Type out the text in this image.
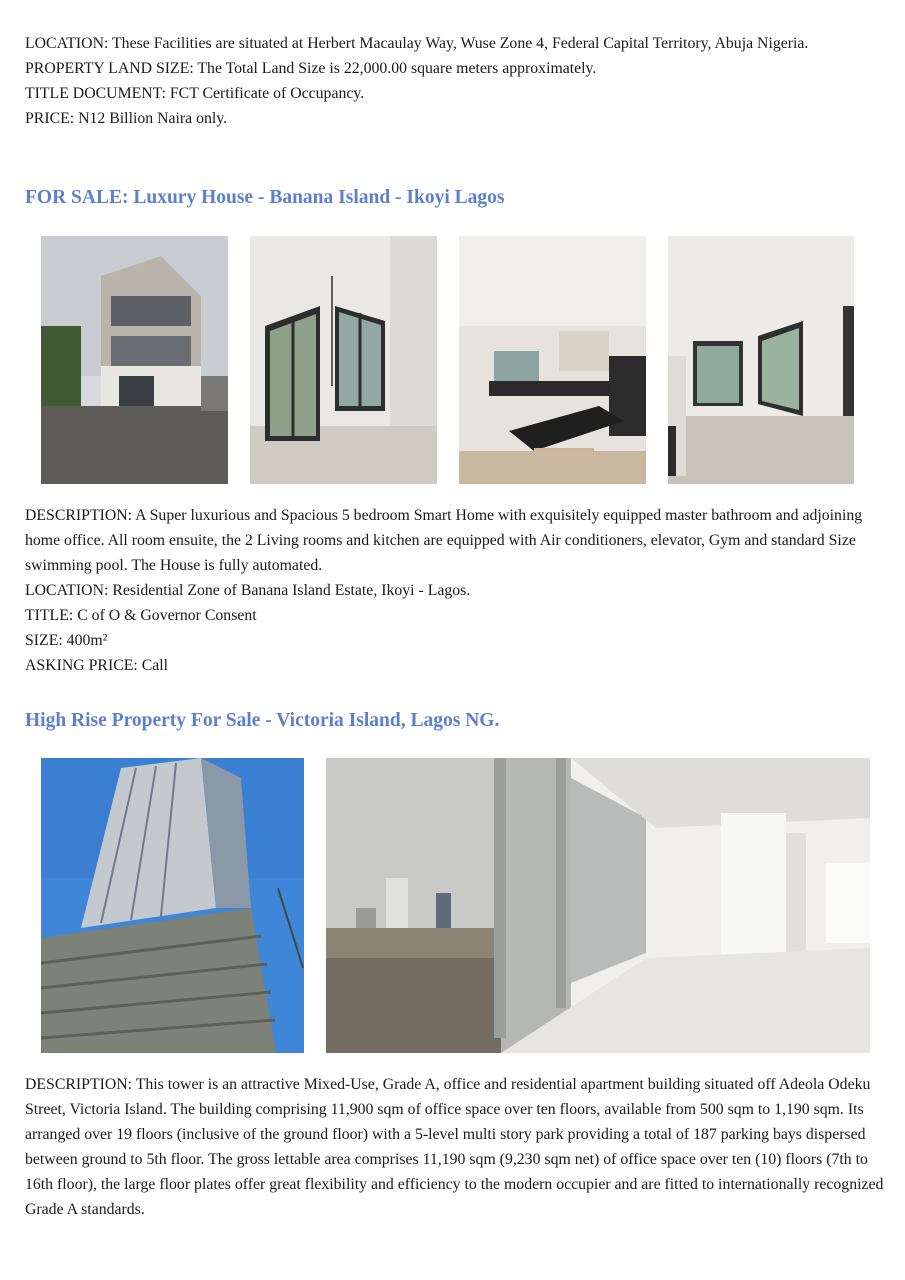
LOCATION: These Facilities are situated at Herbert Macaulay Way, Wuse Zone 4, Federal Capital Territory, Abuja Nigeria.

PROPERTY LAND SIZE: The Total Land Size is 22,000.00 square meters approximately.

TITLE DOCUMENT: FCT Certificate of Occupancy.

PRICE: N12 Billion Naira only.

FOR SALE: Luxury House - Banana Island - Ikoyi Lagos

DESCRIPTION: A Super luxurious and Spacious 5 bedroom Smart Home with exquisitely equipped master bathroom and adjoining home office. All room ensuite, the 2 Living rooms and kitchen are equipped with Air conditioners, elevator, Gym and standard Size swimming pool. The House is fully automated.

LOCATION: Residential Zone of Banana Island Estate, Ikoyi - Lagos.

TITLE: C of O & Governor Consent

SIZE: 400m²

ASKING PRICE: Call

High Rise Property For Sale - Victoria Island, Lagos NG.

DESCRIPTION: This tower is an attractive Mixed-Use, Grade A, office and residential apartment building situated off Adeola Odeku Street, Victoria Island. The building comprising 11,900 sqm of office space over ten floors, available from 500 sqm to 1,190 sqm. Its arranged over 19 floors (inclusive of the ground floor) with a 5-level multi story park providing a total of 187 parking bays dispersed between ground to 5th floor. The gross lettable area comprises 11,190 sqm (9,230 sqm net) of office space over ten (10) floors (7th to 16th floor), the large floor plates offer great flexibility and efficiency to the modern occupier and are fitted to internationally recognized Grade A standards.
